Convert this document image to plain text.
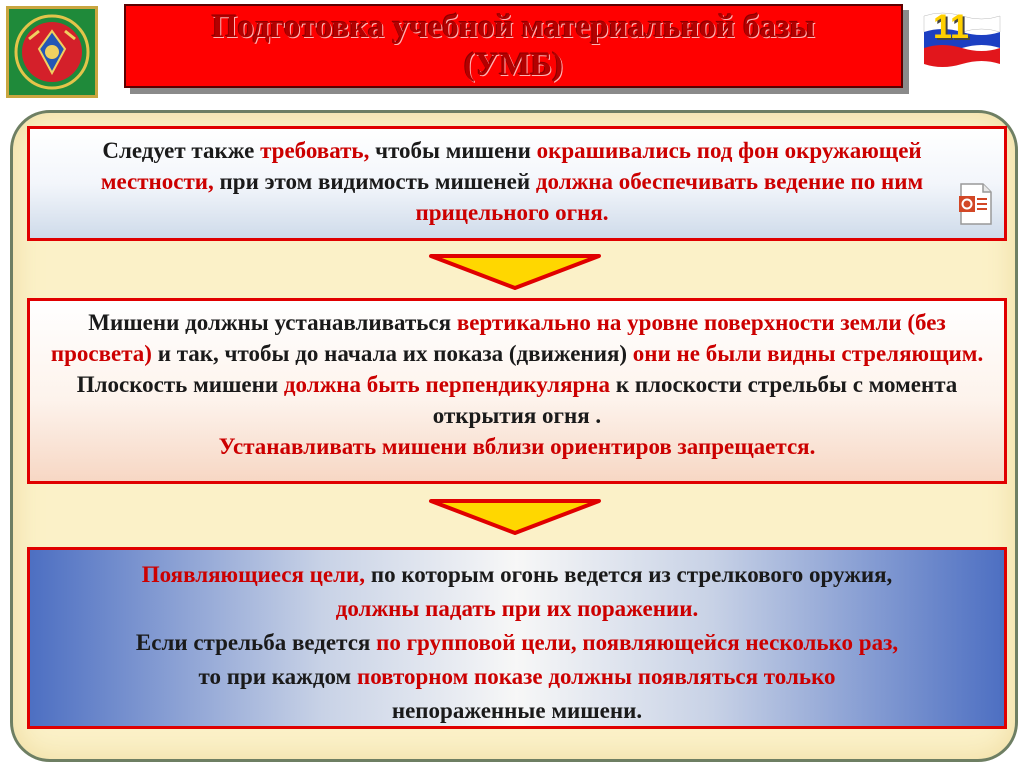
Подготовка учебной материальной базы
(УМБ)
11
Следует также требовать, чтобы мишени окрашивались под фон окружающей местности, при этом видимость мишеней должна обеспечивать ведение по ним прицельного огня.
Мишени должны устанавливаться вертикально на уровне поверхности земли (без просвета) и так, чтобы до начала их показа (движения) они не были видны стреляющим. Плоскость мишени должна быть перпендикулярна к плоскости стрельбы с момента открытия огня .
Устанавливать мишени вблизи ориентиров запрещается.
Появляющиеся цели, по которым огонь ведется из стрелкового оружия,
должны падать при их поражении.
Если стрельба ведется по групповой цели, появляющейся несколько раз,
то при каждом повторном показе должны появляться только
непораженные мишени.
